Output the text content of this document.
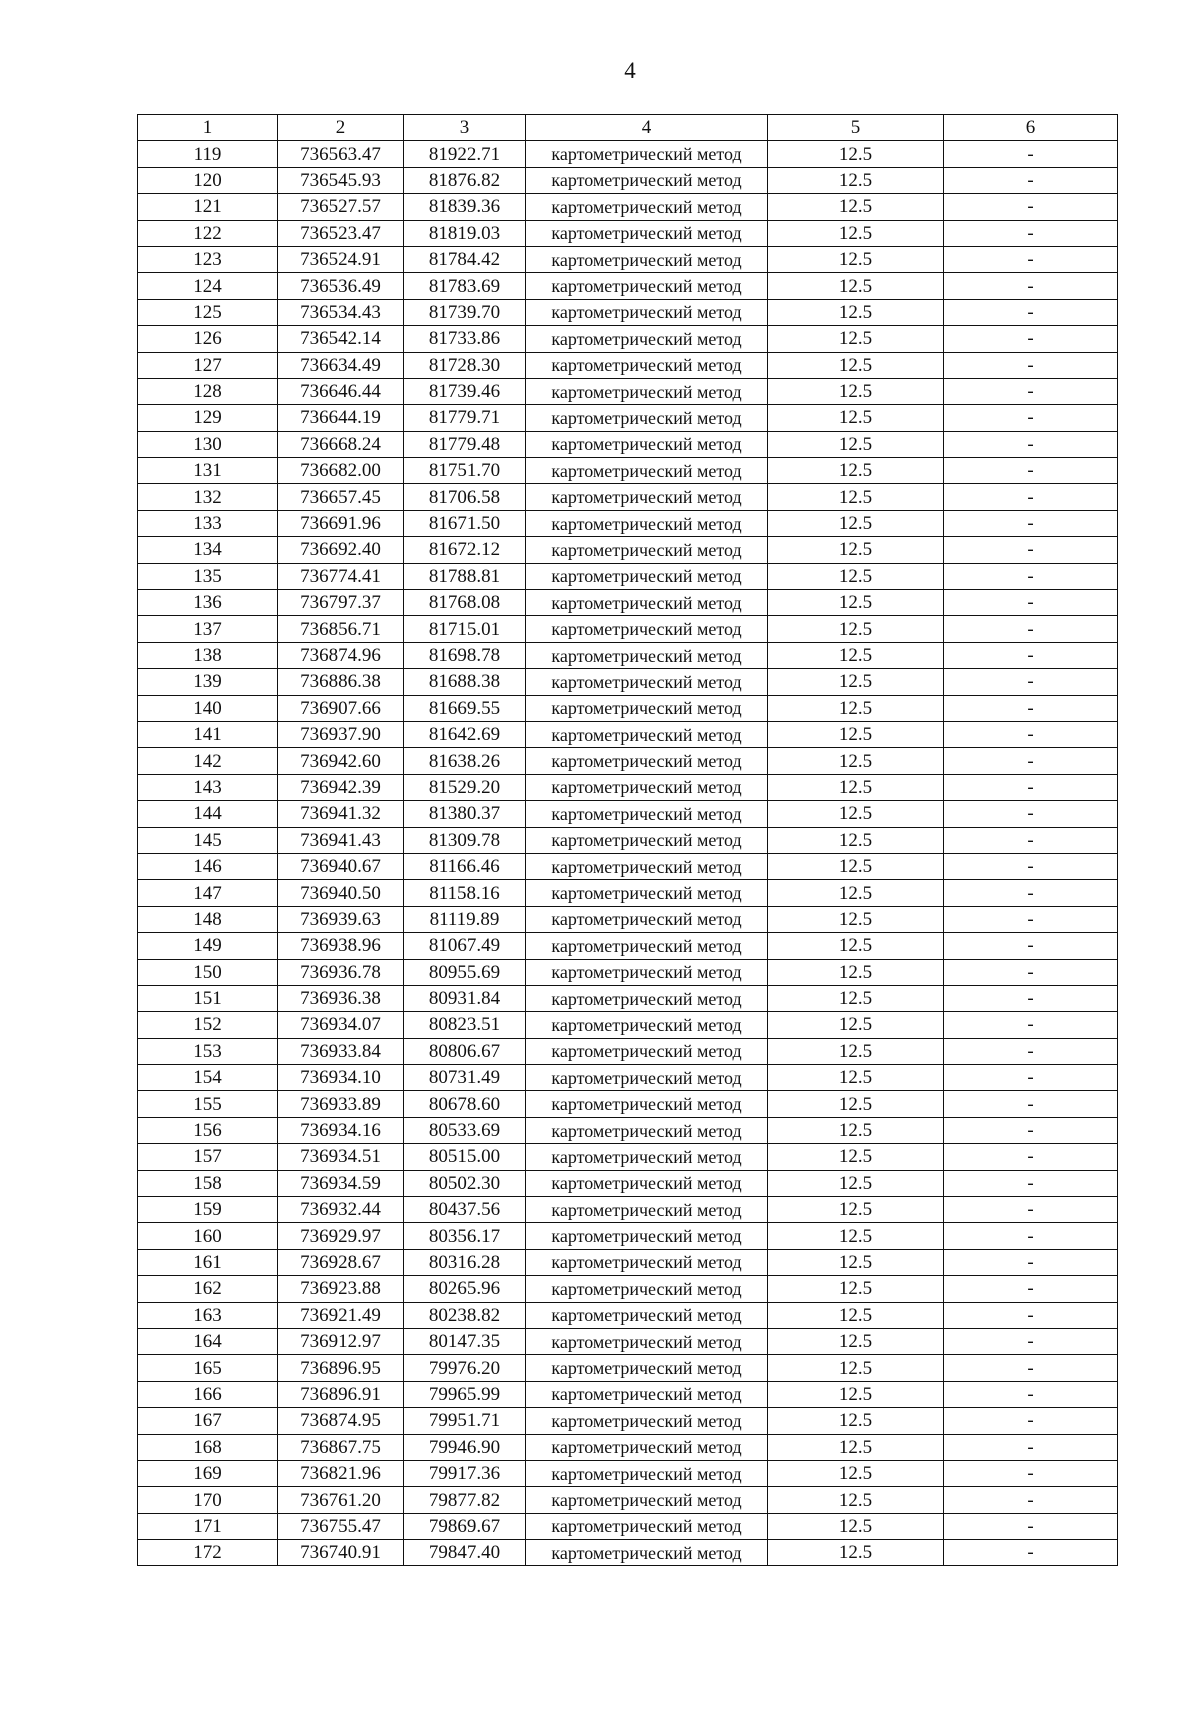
4
1	2	3	4	5	6
119	736563.47	81922.71	картометрический метод	12.5	-
120	736545.93	81876.82	картометрический метод	12.5	-
121	736527.57	81839.36	картометрический метод	12.5	-
122	736523.47	81819.03	картометрический метод	12.5	-
123	736524.91	81784.42	картометрический метод	12.5	-
124	736536.49	81783.69	картометрический метод	12.5	-
125	736534.43	81739.70	картометрический метод	12.5	-
126	736542.14	81733.86	картометрический метод	12.5	-
127	736634.49	81728.30	картометрический метод	12.5	-
128	736646.44	81739.46	картометрический метод	12.5	-
129	736644.19	81779.71	картометрический метод	12.5	-
130	736668.24	81779.48	картометрический метод	12.5	-
131	736682.00	81751.70	картометрический метод	12.5	-
132	736657.45	81706.58	картометрический метод	12.5	-
133	736691.96	81671.50	картометрический метод	12.5	-
134	736692.40	81672.12	картометрический метод	12.5	-
135	736774.41	81788.81	картометрический метод	12.5	-
136	736797.37	81768.08	картометрический метод	12.5	-
137	736856.71	81715.01	картометрический метод	12.5	-
138	736874.96	81698.78	картометрический метод	12.5	-
139	736886.38	81688.38	картометрический метод	12.5	-
140	736907.66	81669.55	картометрический метод	12.5	-
141	736937.90	81642.69	картометрический метод	12.5	-
142	736942.60	81638.26	картометрический метод	12.5	-
143	736942.39	81529.20	картометрический метод	12.5	-
144	736941.32	81380.37	картометрический метод	12.5	-
145	736941.43	81309.78	картометрический метод	12.5	-
146	736940.67	81166.46	картометрический метод	12.5	-
147	736940.50	81158.16	картометрический метод	12.5	-
148	736939.63	81119.89	картометрический метод	12.5	-
149	736938.96	81067.49	картометрический метод	12.5	-
150	736936.78	80955.69	картометрический метод	12.5	-
151	736936.38	80931.84	картометрический метод	12.5	-
152	736934.07	80823.51	картометрический метод	12.5	-
153	736933.84	80806.67	картометрический метод	12.5	-
154	736934.10	80731.49	картометрический метод	12.5	-
155	736933.89	80678.60	картометрический метод	12.5	-
156	736934.16	80533.69	картометрический метод	12.5	-
157	736934.51	80515.00	картометрический метод	12.5	-
158	736934.59	80502.30	картометрический метод	12.5	-
159	736932.44	80437.56	картометрический метод	12.5	-
160	736929.97	80356.17	картометрический метод	12.5	-
161	736928.67	80316.28	картометрический метод	12.5	-
162	736923.88	80265.96	картометрический метод	12.5	-
163	736921.49	80238.82	картометрический метод	12.5	-
164	736912.97	80147.35	картометрический метод	12.5	-
165	736896.95	79976.20	картометрический метод	12.5	-
166	736896.91	79965.99	картометрический метод	12.5	-
167	736874.95	79951.71	картометрический метод	12.5	-
168	736867.75	79946.90	картометрический метод	12.5	-
169	736821.96	79917.36	картометрический метод	12.5	-
170	736761.20	79877.82	картометрический метод	12.5	-
171	736755.47	79869.67	картометрический метод	12.5	-
172	736740.91	79847.40	картометрический метод	12.5	-
